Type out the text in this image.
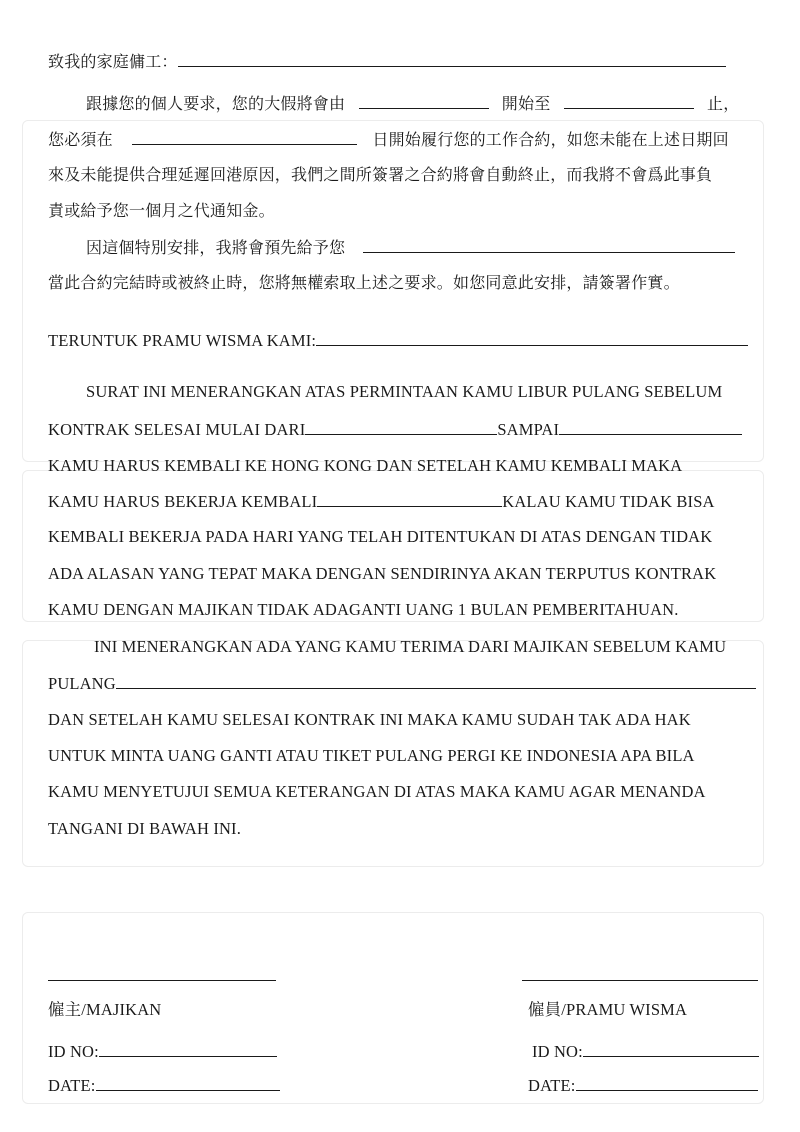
致我的家庭傭工：
跟據您的個人要求，您的大假將會由	開始至	止，
您必須在	日開始履行您的工作合約，如您未能在上述日期回
來及未能提供合理延遲回港原因，我們之間所簽署之合約將會自動終止，而我將不會爲此事負
責或給予您一個月之代通知金。
因這個特別安排，我將會預先給予您
當此合約完結時或被終止時，您將無權索取上述之要求。如您同意此安排，請簽署作實。
TERUNTUK PRAMU WISMA KAMI:
SURAT INI MENERANGKAN ATAS PERMINTAAN KAMU LIBUR PULANG SEBELUM
KONTRAK SELESAI MULAI DARI	SAMPAI
KAMU HARUS KEMBALI KE HONG KONG DAN SETELAH KAMU KEMBALI MAKA
KAMU HARUS BEKERJA KEMBALI	KALAU KAMU TIDAK BISA
KEMBALI BEKERJA PADA HARI YANG TELAH DITENTUKAN DI ATAS DENGAN TIDAK
ADA ALASAN YANG TEPAT MAKA DENGAN SENDIRINYA AKAN TERPUTUS KONTRAK
KAMU DENGAN MAJIKAN TIDAK ADAGANTI UANG 1 BULAN PEMBERITAHUAN.
INI MENERANGKAN ADA YANG KAMU TERIMA DARI MAJIKAN SEBELUM KAMU
PULANG
DAN SETELAH KAMU SELESAI KONTRAK INI MAKA KAMU SUDAH TAK ADA HAK
UNTUK MINTA UANG GANTI ATAU TIKET PULANG PERGI KE INDONESIA APA BILA
KAMU MENYETUJUI SEMUA KETERANGAN DI ATAS MAKA KAMU AGAR MENANDA
TANGANI DI BAWAH INI.
僱主/MAJIKAN
ID NO:
DATE:
僱員/PRAMU WISMA
ID NO:
DATE:
